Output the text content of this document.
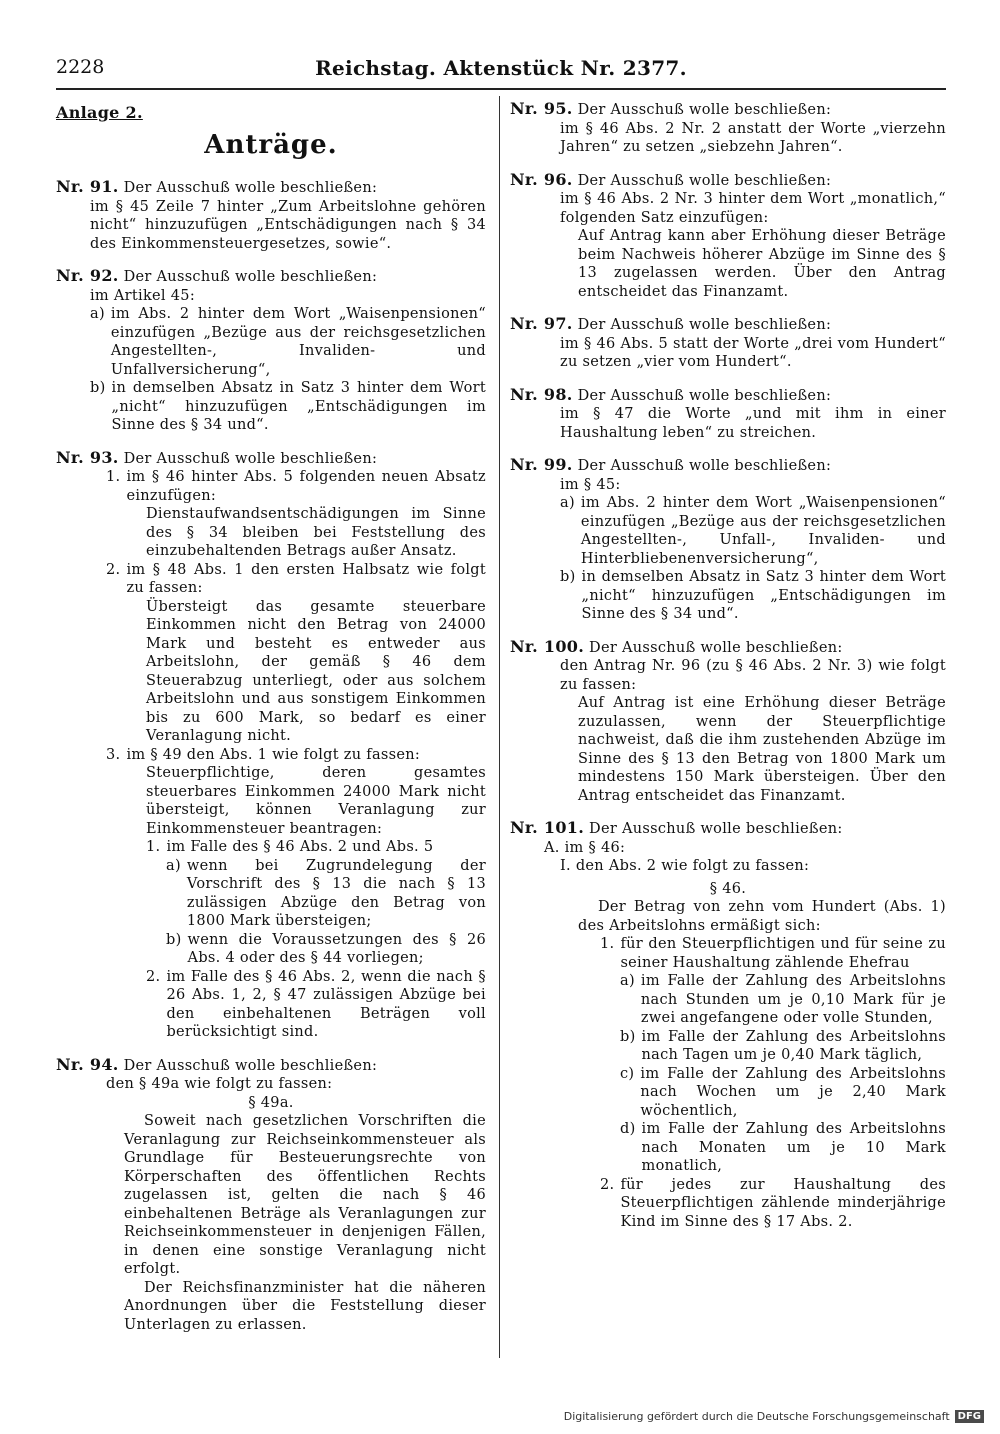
2228	Reichstag. Aktenstück Nr. 2377.
Anlage 2.
Anträge.
Nr. 91. Der Ausschuß wolle beschließen:
im § 45 Zeile 7 hinter „Zum Arbeitslohne gehören nicht“ hinzuzufügen „Entschädigungen nach § 34 des Einkommensteuergesetzes, sowie“.
Nr. 92. Der Ausschuß wolle beschließen:
im Artikel 45:
a) im Abs. 2 hinter dem Wort „Waisenpensionen“ einzufügen „Bezüge aus der reichsgesetzlichen Angestellten-, Invaliden- und Unfallversicherung“,
b) in demselben Absatz in Satz 3 hinter dem Wort „nicht“ hinzuzufügen „Entschädigungen im Sinne des § 34 und“.
Nr. 93. Der Ausschuß wolle beschließen:
1. im § 46 hinter Abs. 5 folgenden neuen Absatz einzufügen:
Dienstaufwandsentschädigungen im Sinne des § 34 bleiben bei Feststellung des einzubehaltenden Betrags außer Ansatz.
2. im § 48 Abs. 1 den ersten Halbsatz wie folgt zu fassen:
Übersteigt das gesamte steuerbare Einkommen nicht den Betrag von 24000 Mark und besteht es entweder aus Arbeitslohn, der gemäß § 46 dem Steuerabzug unterliegt, oder aus solchem Arbeitslohn und aus sonstigem Einkommen bis zu 600 Mark, so bedarf es einer Veranlagung nicht.
3. im § 49 den Abs. 1 wie folgt zu fassen:
Steuerpflichtige, deren gesamtes steuerbares Einkommen 24000 Mark nicht übersteigt, können Veranlagung zur Einkommensteuer beantragen:
1. im Falle des § 46 Abs. 2 und Abs. 5
a) wenn bei Zugrundelegung der Vorschrift des § 13 die nach § 13 zulässigen Abzüge den Betrag von 1800 Mark übersteigen;
b) wenn die Voraussetzungen des § 26 Abs. 4 oder des § 44 vorliegen;
2. im Falle des § 46 Abs. 2, wenn die nach § 26 Abs. 1, 2, § 47 zulässigen Abzüge bei den einbehaltenen Beträgen voll berücksichtigt sind.
Nr. 94. Der Ausschuß wolle beschließen:
den § 49a wie folgt zu fassen:
§ 49a.
Soweit nach gesetzlichen Vorschriften die Veranlagung zur Reichseinkommensteuer als Grundlage für Besteuerungsrechte von Körperschaften des öffentlichen Rechts zugelassen ist, gelten die nach § 46 einbehaltenen Beträge als Veranlagungen zur Reichseinkommensteuer in denjenigen Fällen, in denen eine sonstige Veranlagung nicht erfolgt.
Der Reichsfinanzminister hat die näheren Anordnungen über die Feststellung dieser Unterlagen zu erlassen.
Nr. 95. Der Ausschuß wolle beschließen:
im § 46 Abs. 2 Nr. 2 anstatt der Worte „vierzehn Jahren“ zu setzen „siebzehn Jahren“.
Nr. 96. Der Ausschuß wolle beschließen:
im § 46 Abs. 2 Nr. 3 hinter dem Wort „monatlich,“ folgenden Satz einzufügen:
Auf Antrag kann aber Erhöhung dieser Beträge beim Nachweis höherer Abzüge im Sinne des § 13 zugelassen werden. Über den Antrag entscheidet das Finanzamt.
Nr. 97. Der Ausschuß wolle beschließen:
im § 46 Abs. 5 statt der Worte „drei vom Hundert“ zu setzen „vier vom Hundert“.
Nr. 98. Der Ausschuß wolle beschließen:
im § 47 die Worte „und mit ihm in einer Haushaltung leben“ zu streichen.
Nr. 99. Der Ausschuß wolle beschließen:
im § 45:
a) im Abs. 2 hinter dem Wort „Waisenpensionen“ einzufügen „Bezüge aus der reichsgesetzlichen Angestellten-, Unfall-, Invaliden- und Hinterbliebenenversicherung“,
b) in demselben Absatz in Satz 3 hinter dem Wort „nicht“ hinzuzufügen „Entschädigungen im Sinne des § 34 und“.
Nr. 100. Der Ausschuß wolle beschließen:
den Antrag Nr. 96 (zu § 46 Abs. 2 Nr. 3) wie folgt zu fassen:
Auf Antrag ist eine Erhöhung dieser Beträge zuzulassen, wenn der Steuerpflichtige nachweist, daß die ihm zustehenden Abzüge im Sinne des § 13 den Betrag von 1800 Mark um mindestens 150 Mark übersteigen. Über den Antrag entscheidet das Finanzamt.
Nr. 101. Der Ausschuß wolle beschließen:
A. im § 46:
I. den Abs. 2 wie folgt zu fassen:
§ 46.
Der Betrag von zehn vom Hundert (Abs. 1) des Arbeitslohns ermäßigt sich:
1. für den Steuerpflichtigen und für seine zu seiner Haushaltung zählende Ehefrau
a) im Falle der Zahlung des Arbeitslohns nach Stunden um je 0,10 Mark für je zwei angefangene oder volle Stunden,
b) im Falle der Zahlung des Arbeitslohns nach Tagen um je 0,40 Mark täglich,
c) im Falle der Zahlung des Arbeitslohns nach Wochen um je 2,40 Mark wöchentlich,
d) im Falle der Zahlung des Arbeitslohns nach Monaten um je 10 Mark monatlich,
2. für jedes zur Haushaltung des Steuerpflichtigen zählende minderjährige Kind im Sinne des § 17 Abs. 2.
Digitalisierung gefördert durch die Deutsche Forschungsgemeinschaft DFG
